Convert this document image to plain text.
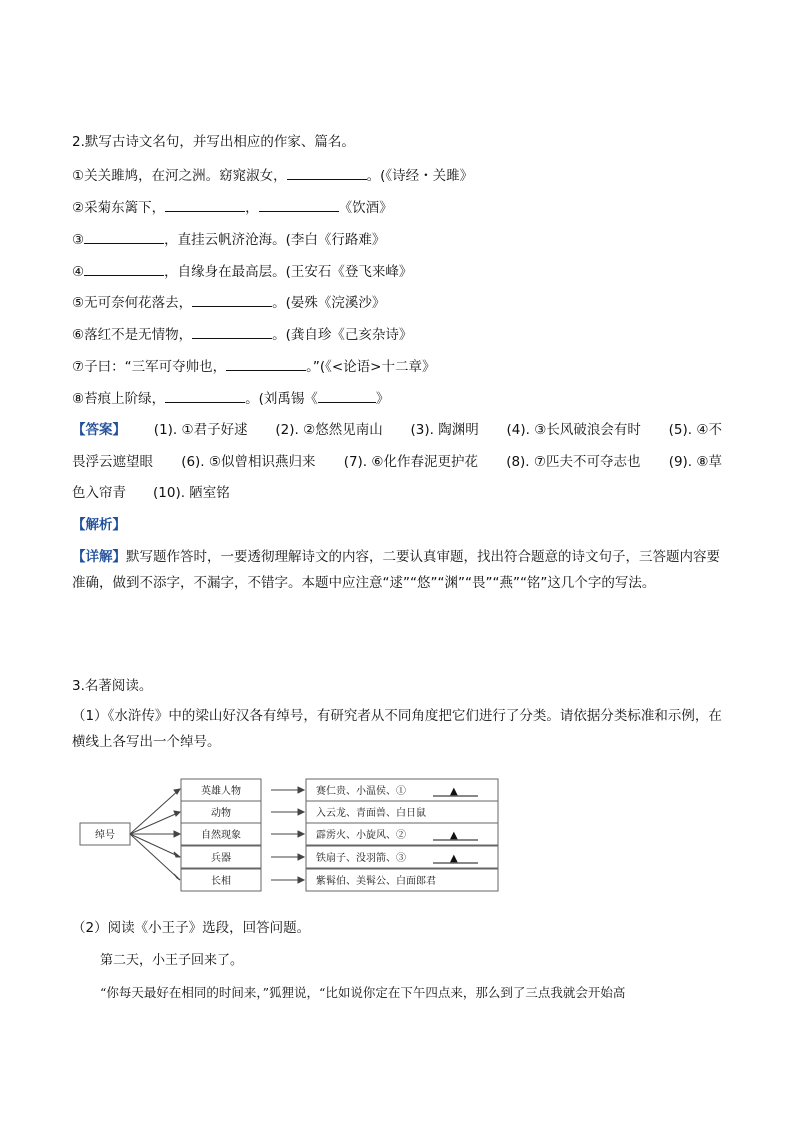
2.默写古诗文名句，并写出相应的作家、篇名。
①关关雎鸠，在河之洲。窈窕淑女，	。(《诗经・关雎》
②采菊东篱下，	，	《饮酒》
③	，直挂云帆济沧海。(李白《行路难》
④	，自缘身在最高层。(王安石《登飞来峰》
⑤无可奈何花落去，	。(晏殊《浣溪沙》
⑥落红不是无情物，	。(龚自珍《己亥杂诗》
⑦子曰：“三军可夺帅也，	。”(《<论语>十二章》
⑧苔痕上阶绿，	。(刘禹锡《	》
【答案】 (1). ①君子好逑 (2). ②悠然见南山 (3). 陶渊明 (4). ③长风破浪会有时 (5). ④不
畏浮云遮望眼 (6). ⑤似曾相识燕归来 (7). ⑥化作春泥更护花 (8). ⑦匹夫不可夺志也 (9). ⑧草
色入帘青　　(10). 陋室铭
【解析】
【详解】默写题作答时，一要透彻理解诗文的内容，二要认真审题，找出符合题意的诗文句子，三答题内容要准确，做到不添字，不漏字，不错字。本题中应注意“逑”“悠”“渊”“畏”“燕”“铭”这几个字的写法。
3.名著阅读。
（1）《水浒传》中的梁山好汉各有绰号，有研究者从不同角度把它们进行了分类。请依据分类标准和示例，在横线上各写出一个绰号。
绰号
英雄人物
动物
自然现象
兵器
长相
赛仁贵、小温侯、①
入云龙、青面兽、白日鼠
霹雳火、小旋风、②
铁扇子、没羽箭、③
紫髯伯、美髯公、白面郎君
▲
▲
▲
（2）阅读《小王子》选段，回答问题。
第二天，小王子回来了。
“你每天最好在相同的时间来，”狐狸说，“比如说你定在下午四点来，那么到了三点我就会开始高
